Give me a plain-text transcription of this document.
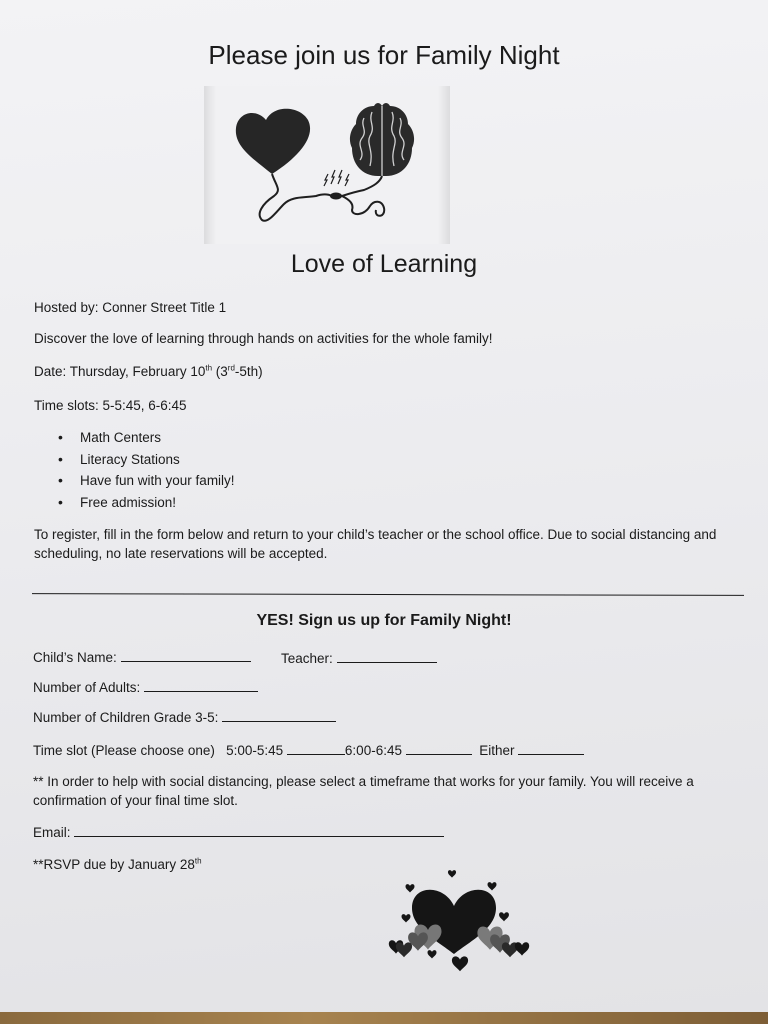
Please join us for Family Night
Love of Learning
Hosted by: Conner Street Title 1
Discover the love of learning through hands on activities for the whole family!
Date: Thursday, February 10th (3rd-5th)
Time slots: 5-5:45, 6-6:45
• Math Centers
• Literacy Stations
• Have fun with your family!
• Free admission!
To register, fill in the form below and return to your child’s teacher or the school office. Due to social distancing and scheduling, no late reservations will be accepted.
YES! Sign us up for Family Night!
Child’s Name:	Teacher:
Number of Adults:
Number of Children Grade 3-5:
Time slot (Please choose one) 5:00-5:45	6:00-6:45	Either
** In order to help with social distancing, please select a timeframe that works for your family. You will receive a confirmation of your final time slot.
Email:
**RSVP due by January 28th
